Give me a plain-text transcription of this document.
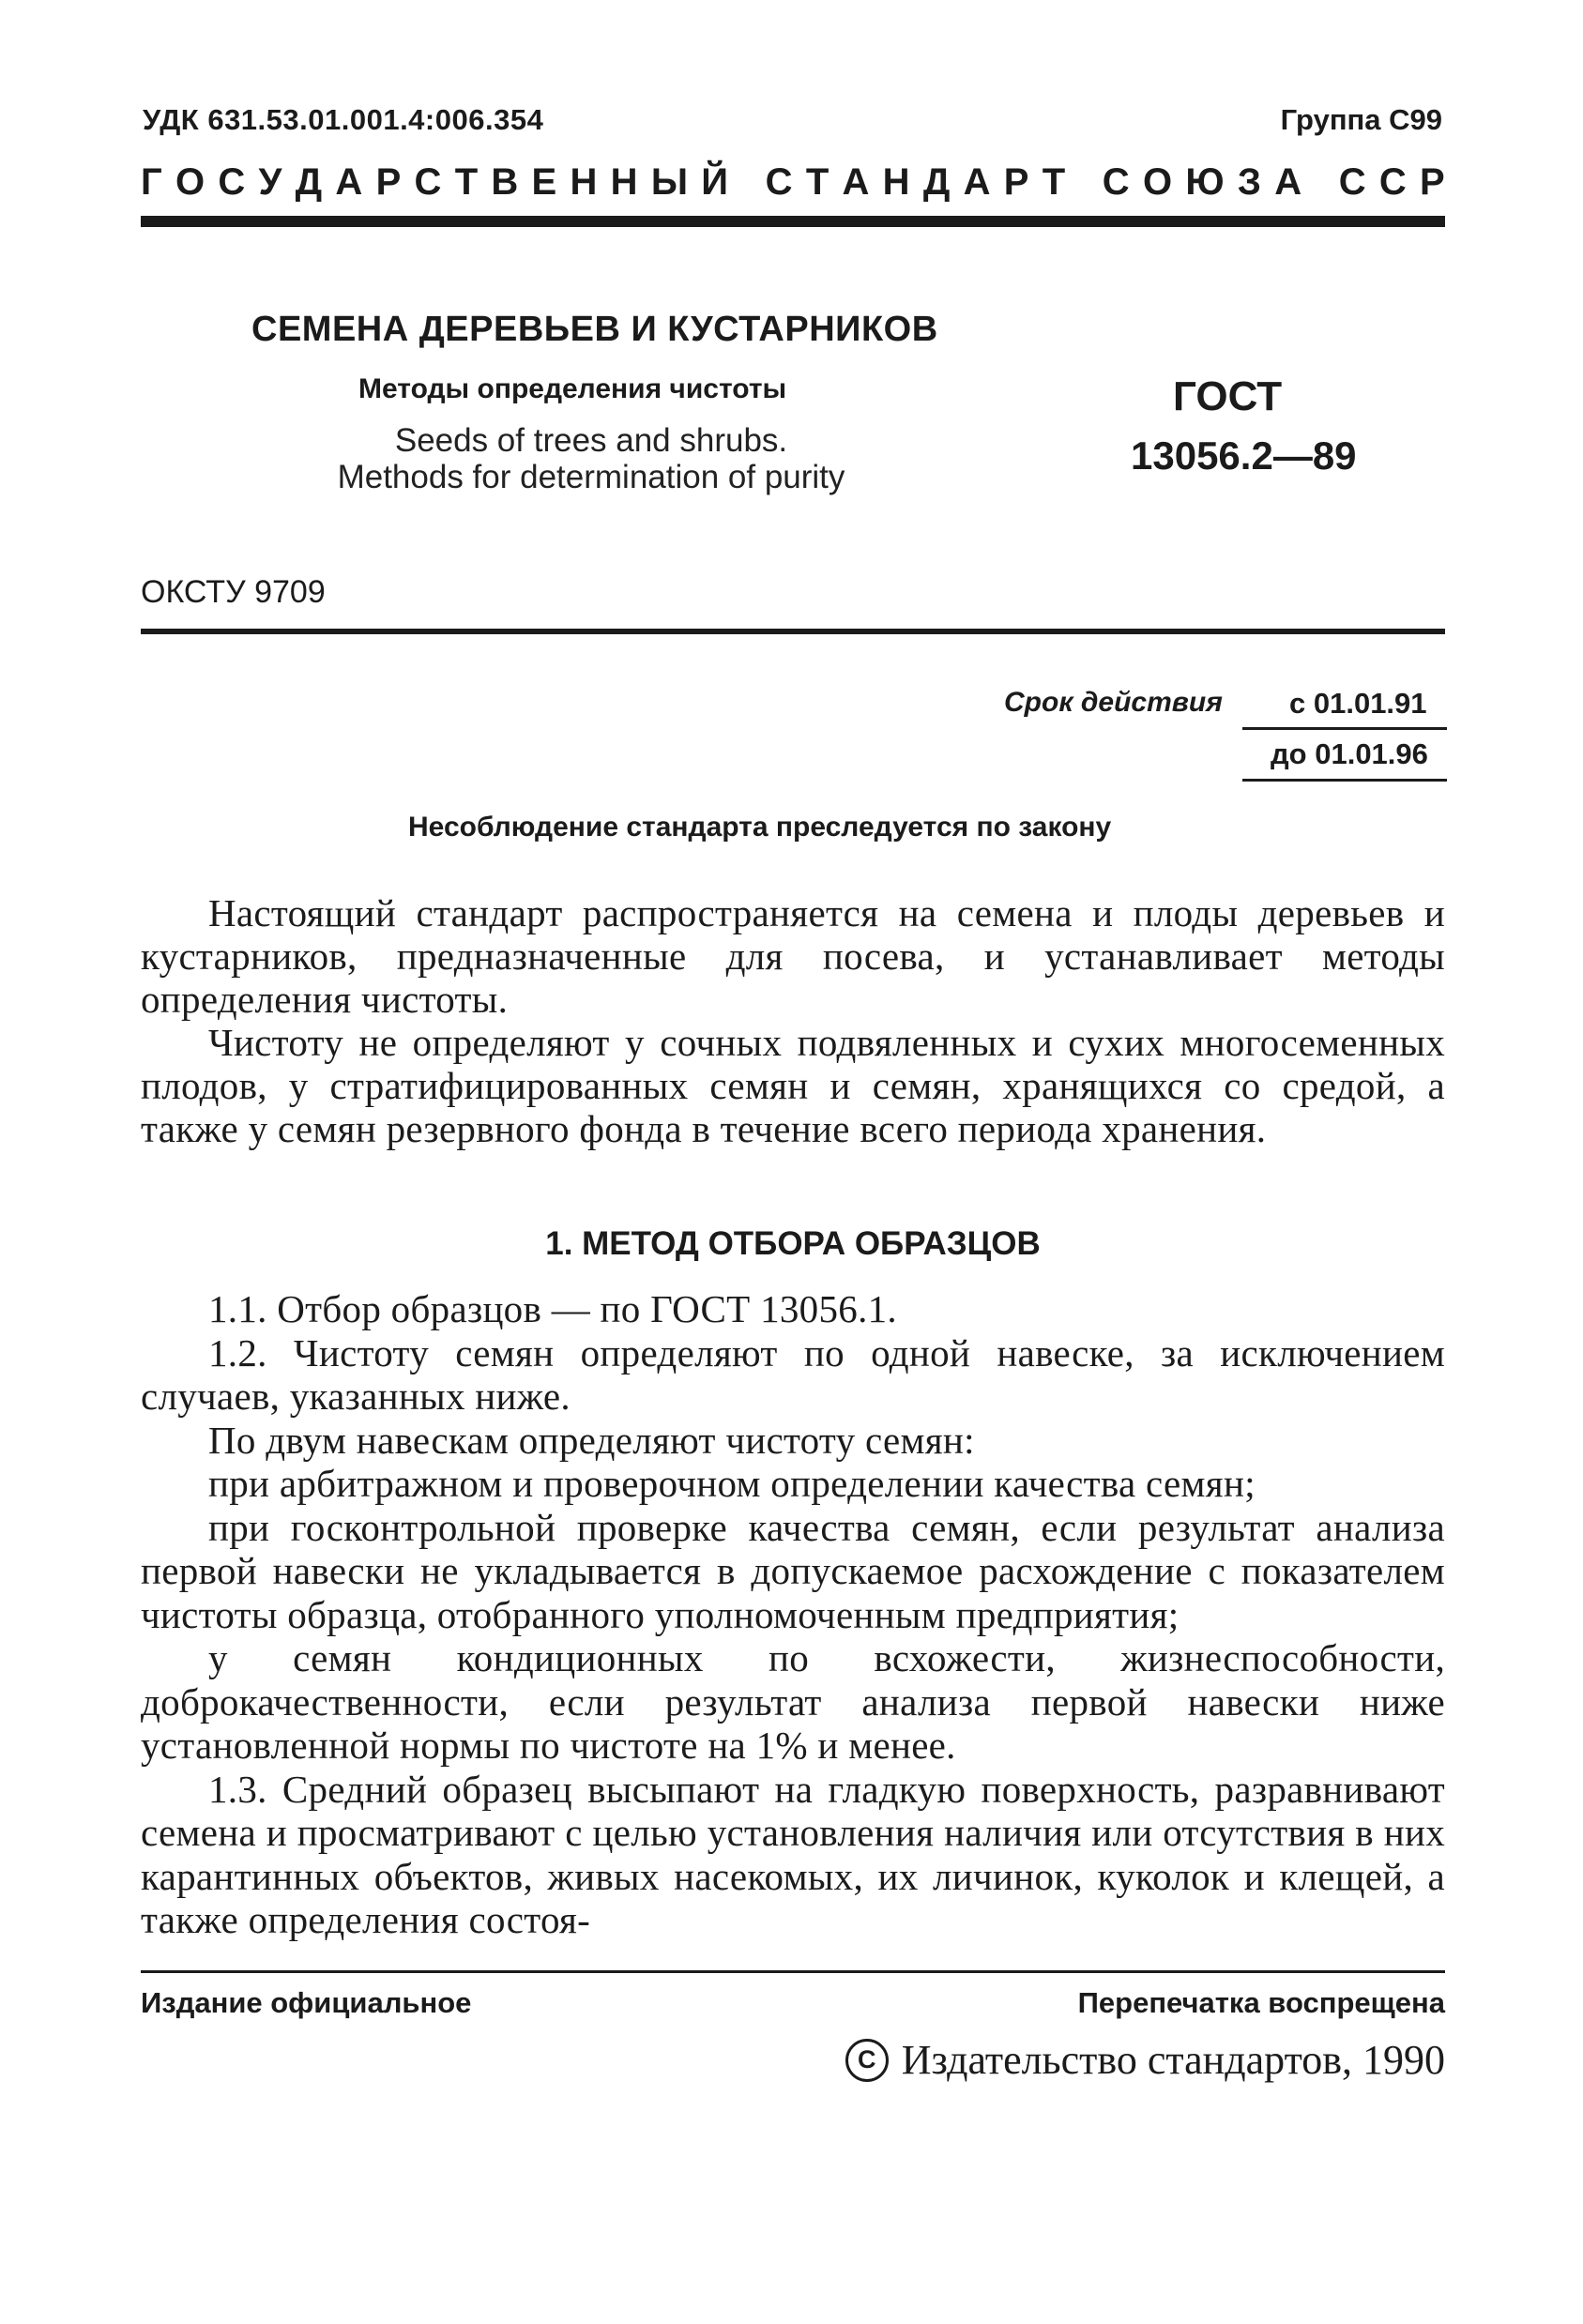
УДК 631.53.01.001.4:006.354	Группа С99
Г О С У Д А Р С Т В Е Н Н Ы Й
С Т А Н Д А Р Т
С О Ю З А
С С Р
СЕМЕНА ДЕРЕВЬЕВ И КУСТАРНИКОВ
Методы определения чистоты
Seeds of trees and shrubs.
Methods for determination of purity
ГОСТ
13056.2—89
ОКСТУ 9709
Срок действия с 01.01.91
до 01.01.96
Несоблюдение стандарта преследуется по закону

Настоящий стандарт распространяется на семена и плоды деревьев и кустарников, предназначенные для посева, и устанавливает методы определения чистоты.

Чистоту не определяют у сочных подвяленных и сухих многосеменных плодов, у стратифицированных семян и семян, хранящихся со средой, а также у семян резервного фонда в течение всего периода хранения.

1. МЕТОД ОТБОРА ОБРАЗЦОВ

1.1. Отбор образцов — по ГОСТ 13056.1.

1.2. Чистоту семян определяют по одной навеске, за исключением случаев, указанных ниже.

По двум навескам определяют чистоту семян:

при арбитражном и проверочном определении качества семян;

при госконтрольной проверке качества семян, если результат анализа первой навески не укладывается в допускаемое расхождение с показателем чистоты образца, отобранного уполномоченным предприятия;

у семян кондиционных по всхожести, жизнеспособности, доброкачественности, если результат анализа первой навески ниже установленной нормы по чистоте на 1% и менее.

1.3. Средний образец высыпают на гладкую поверхность, разравнивают семена и просматривают с целью установления наличия или отсутствия в них карантинных объектов, живых насекомых, их личинок, куколок и клещей, а также определения состоя-

Издание официальное	Перепечатка воспрещена
C Издательство стандартов, 1990
